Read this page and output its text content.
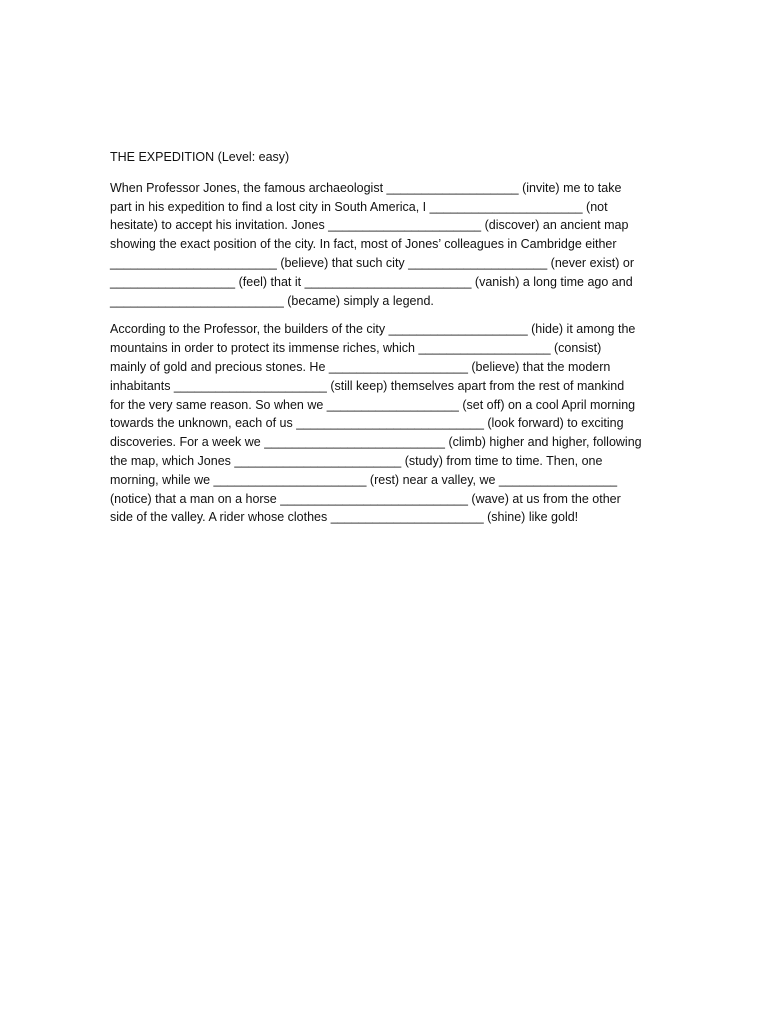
THE EXPEDITION (Level: easy)
When Professor Jones, the famous archaeologist ___________________ (invite) me to take
part in his expedition to find a lost city in South America, I ______________________ (not
hesitate) to accept his invitation. Jones ______________________ (discover) an ancient map
showing the exact position of the city. In fact, most of Jones’ colleagues in Cambridge either
________________________ (believe) that such city ____________________ (never exist) or
__________________ (feel) that it ________________________ (vanish) a long time ago and
_________________________ (became) simply a legend.
According to the Professor, the builders of the city ____________________ (hide) it among the
mountains in order to protect its immense riches, which ___________________ (consist)
mainly of gold and precious stones. He ____________________ (believe) that the modern
inhabitants ______________________ (still keep) themselves apart from the rest of mankind
for the very same reason. So when we ___________________ (set off) on a cool April morning
towards the unknown, each of us ___________________________ (look forward) to exciting
discoveries. For a week we __________________________ (climb) higher and higher, following
the map, which Jones ________________________ (study) from time to time. Then, one
morning, while we ______________________ (rest) near a valley, we _________________
(notice) that a man on a horse ___________________________ (wave) at us from the other
side of the valley. A rider whose clothes ______________________ (shine) like gold!
